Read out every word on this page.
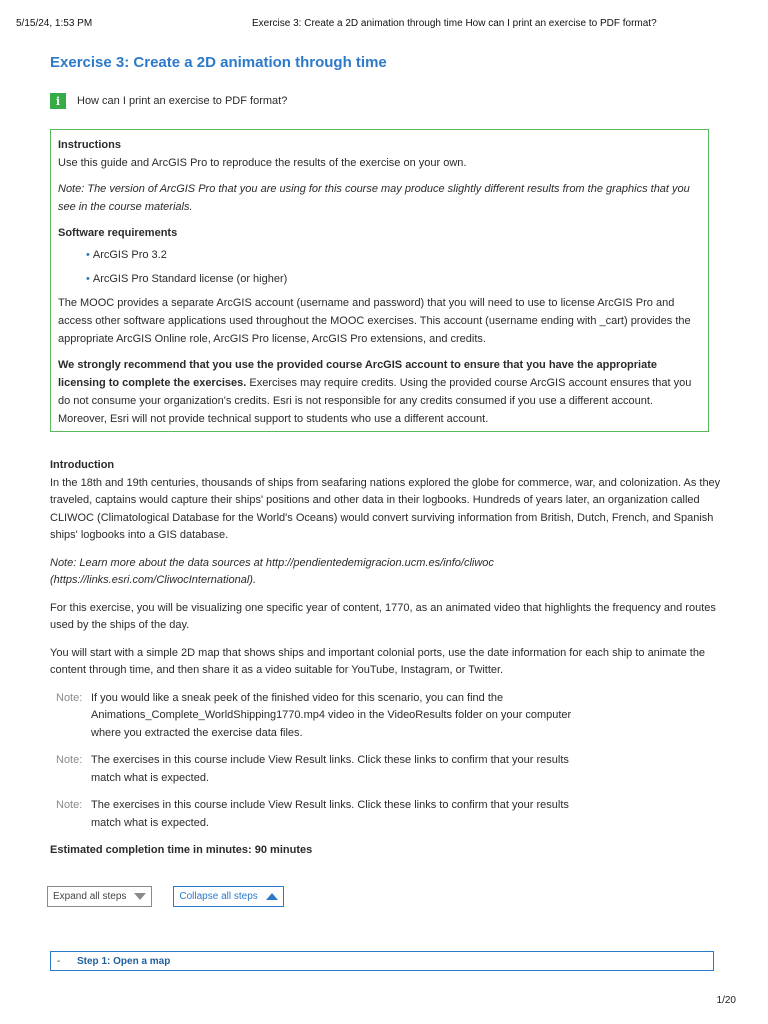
5/15/24, 1:53 PM	Exercise 3: Create a 2D animation through time How can I print an exercise to PDF format?
Exercise 3: Create a 2D animation through time
i	How can I print an exercise to PDF format?

Instructions

Use this guide and ArcGIS Pro to reproduce the results of the exercise on your own.

Note: The version of ArcGIS Pro that you are using for this course may produce slightly different results from the graphics that you see in the course materials.

Software requirements

• ArcGIS Pro 3.2
• ArcGIS Pro Standard license (or higher)

The MOOC provides a separate ArcGIS account (username and password) that you will need to use to license ArcGIS Pro and access other software applications used throughout the MOOC exercises. This account (username ending with _cart) provides the appropriate ArcGIS Online role, ArcGIS Pro license, ArcGIS Pro extensions, and credits.

We strongly recommend that you use the provided course ArcGIS account to ensure that you have the appropriate licensing to complete the exercises. Exercises may require credits. Using the provided course ArcGIS account ensures that you do not consume your organization's credits. Esri is not responsible for any credits consumed if you use a different account. Moreover, Esri will not provide technical support to students who use a different account.

Introduction

In the 18th and 19th centuries, thousands of ships from seafaring nations explored the globe for commerce, war, and colonization. As they traveled, captains would capture their ships' positions and other data in their logbooks. Hundreds of years later, an organization called CLIWOC (Climatological Database for the World's Oceans) would convert surviving information from British, Dutch, French, and Spanish ships' logbooks into a GIS database.

Note: Learn more about the data sources at http://pendientedemigracion.ucm.es/info/cliwoc (https://links.esri.com/CliwocInternational).

For this exercise, you will be visualizing one specific year of content, 1770, as an animated video that highlights the frequency and routes used by the ships of the day.

You will start with a simple 2D map that shows ships and important colonial ports, use the date information for each ship to animate the content through time, and then share it as a video suitable for YouTube, Instagram, or Twitter.

Note: If you would like a sneak peek of the finished video for this scenario, you can find the Animations_Complete_WorldShipping1770.mp4 video in the VideoResults folder on your computer where you extracted the exercise data files.
Note: The exercises in this course include View Result links. Click these links to confirm that your results match what is expected.
Note: The exercises in this course include View Result links. Click these links to confirm that your results match what is expected.

Estimated completion time in minutes: 90 minutes

Expand all steps	Collapse all steps
-	Step 1: Open a map
1/20
